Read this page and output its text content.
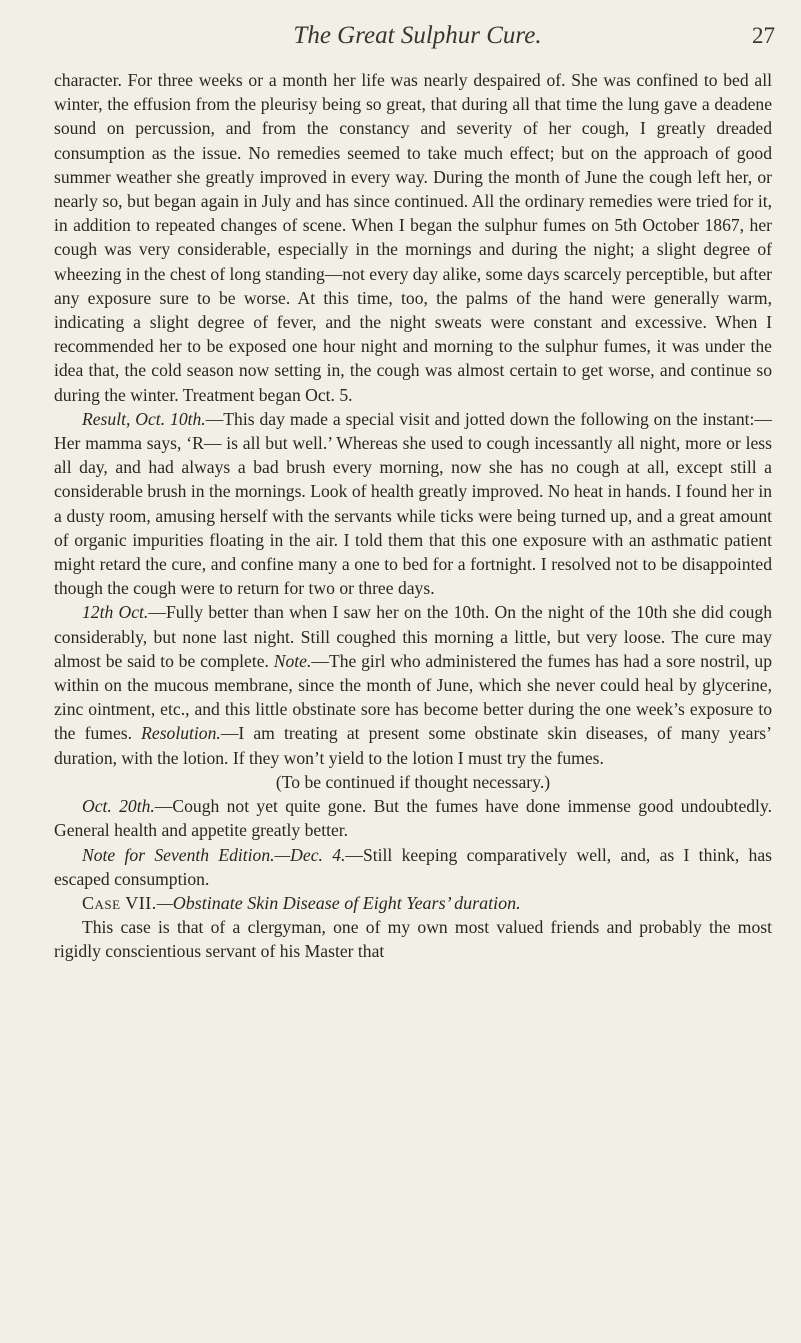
The Great Sulphur Cure.	27

character. For three weeks or a month her life was nearly despaired of. She was confined to bed all winter, the effusion from the pleurisy being so great, that during all that time the lung gave a deadene sound on percussion, and from the constancy and severity of her cough, I greatly dreaded consumption as the issue. No remedies seemed to take much effect; but on the approach of good summer weather she greatly improved in every way. During the month of June the cough left her, or nearly so, but began again in July and has since continued. All the ordinary remedies were tried for it, in addition to repeated changes of scene. When I began the sulphur fumes on 5th October 1867, her cough was very considerable, especially in the mornings and during the night; a slight degree of wheezing in the chest of long standing—not every day alike, some days scarcely perceptible, but after any exposure sure to be worse. At this time, too, the palms of the hand were generally warm, indicating a slight degree of fever, and the night sweats were constant and excessive. When I recommended her to be exposed one hour night and morning to the sulphur fumes, it was under the idea that, the cold season now setting in, the cough was almost certain to get worse, and continue so during the winter. Treatment began Oct. 5.

Result, Oct. 10th.—This day made a special visit and jotted down the following on the instant:—Her mamma says, ‘R— is all but well.’ Whereas she used to cough incessantly all night, more or less all day, and had always a bad brush every morning, now she has no cough at all, except still a considerable brush in the mornings. Look of health greatly improved. No heat in hands. I found her in a dusty room, amusing herself with the servants while ticks were being turned up, and a great amount of organic impurities floating in the air. I told them that this one exposure with an asthmatic patient might retard the cure, and confine many a one to bed for a fortnight. I resolved not to be disappointed though the cough were to return for two or three days.

12th Oct.—Fully better than when I saw her on the 10th. On the night of the 10th she did cough considerably, but none last night. Still coughed this morning a little, but very loose. The cure may almost be said to be complete. Note.—The girl who administered the fumes has had a sore nostril, up within on the mucous membrane, since the month of June, which she never could heal by glycerine, zinc ointment, etc., and this little obstinate sore has become better during the one week’s exposure to the fumes. Resolution.—I am treating at present some obstinate skin diseases, of many years’ duration, with the lotion. If they won’t yield to the lotion I must try the fumes.

(To be continued if thought necessary.)

Oct. 20th.—Cough not yet quite gone. But the fumes have done immense good undoubtedly. General health and appetite greatly better.

Note for Seventh Edition.—Dec. 4.—Still keeping comparatively well, and, as I think, has escaped consumption.

Case VII.—Obstinate Skin Disease of Eight Years’ duration.

This case is that of a clergyman, one of my own most valued friends and probably the most rigidly conscientious servant of his Master that
